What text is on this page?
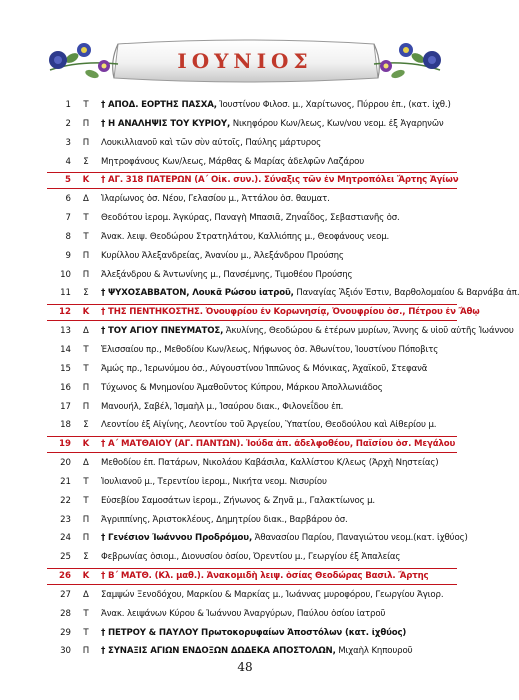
ΙΟΥΝΙΟΣ
1	Τ	† ΑΠΟΔ. ΕΟΡΤΗΣ ΠΑΣΧΑ, Ἰουστίνου Φιλοσ. μ., Χαρίτωνος, Πύρρου ἐπ., (κατ. ἰχθ.)
2	Π	† Η ΑΝΑΛΗΨΙΣ ΤΟΥ ΚΥΡΙΟΥ, Νικηφόρου Κων/λεως, Κων/νου νεομ. ἐξ Ἀγαρηνῶν
3	Π	Λουκιλλιανοῦ καὶ τῶν σὺν αὐτοῖς, Παύλης μάρτυρος
4	Σ	Μητροφάνους Κων/λεως, Μάρθας & Μαρίας ἀδελφῶν Λαζάρου
5	Κ	† ΑΓ. 318 ΠΑΤΕΡΩΝ (Α΄ Οἰκ. συν.). Σύναξις τῶν ἐν Μητροπόλει Ἄρτης Ἁγίων
6	Δ	Ἱλαρίωνος ὁσ. Νέου, Γελασίου μ., Ἀττάλου ὁσ. θαυματ.
7	Τ	Θεοδότου ἱερομ. Ἀγκύρας, Παναγὴ Μπασιᾶ, Ζηναΐδος, Σεβαστιανῆς ὁσ.
8	Τ	Ἀνακ. λειψ. Θεοδώρου Στρατηλάτου, Καλλιόπης μ., Θεοφάνους νεομ.
9	Π	Κυρίλλου Ἀλεξανδρείας, Ἀνανίου μ., Ἀλεξάνδρου Προύσης
10	Π	Ἀλεξάνδρου & Ἀντωνίνης μ., Πανσέμνης, Τιμοθέου Προύσης
11	Σ	† ΨΥΧΟΣΑΒΒΑΤΟΝ, Λουκᾶ Ρώσου ἰατροῦ, Παναγίας Ἄξιόν Ἐστιν, Βαρθολομαίου & Βαρνάβα ἀπ.
12	Κ	† ΤΗΣ ΠΕΝΤΗΚΟΣΤΗΣ. Ὀνουφρίου ἐν Κορωνησίᾳ, Ὀνουφρίου ὁσ., Πέτρου ἐν Ἄθῳ
13	Δ	† ΤΟΥ ΑΓΙΟΥ ΠΝΕΥΜΑΤΟΣ, Ἀκυλίνης, Θεοδώρου & ἑτέρων μυρίων, Ἄννης & υἱοῦ αὐτῆς Ἰωάννου
14	Τ	Ἐλισσαίου πρ., Μεθοδίου Κων/λεως, Νήφωνος ὁσ. Ἀθωνίτου, Ἰουστίνου Πόποβιτς
15	Τ	Ἀμώς πρ., Ἱερωνύμου ὁσ., Αὐγουστίνου Ἱππῶνος & Μόνικας, Ἀχαϊκοῦ, Στεφανᾶ
16	Π	Τύχωνος & Μνημονίου Ἀμαθοῦντος Κύπρου, Μάρκου Ἀπολλωνιάδος
17	Π	Μανουήλ, Σαβέλ, Ἰσμαὴλ μ., Ἰσαύρου διακ., Φιλονεΐδου ἐπ.
18	Σ	Λεοντίου ἐξ Αἰγίνης, Λεοντίου τοῦ Ἀργείου, Ὑπατίου, Θεοδούλου καὶ Αἰθερίου μ.
19	Κ	† Α΄ ΜΑΤΘΑΙΟΥ (ΑΓ. ΠΑΝΤΩΝ). Ἰούδα ἀπ. ἀδελφοθέου, Παϊσίου ὁσ. Μεγάλου
20	Δ	Μεθοδίου ἐπ. Πατάρων, Νικολάου Καβάσιλα, Καλλίστου Κ/λεως (Ἀρχὴ Νηστείας)
21	Τ	Ἰουλιανοῦ μ., Τερεντίου ἱερομ., Νικήτα νεομ. Νισυρίου
22	Τ	Εὐσεβίου Σαμοσάτων ἱερομ., Ζήνωνος & Ζηνᾶ μ., Γαλακτίωνος μ.
23	Π	Ἀγριππίνης, Ἀριστοκλέους, Δημητρίου διακ., Βαρβάρου ὁσ.
24	Π	† Γενέσιον Ἰωάννου Προδρόμου, Ἀθανασίου Παρίου, Παναγιώτου νεομ.(κατ. ἰχθύος)
25	Σ	Φεβρωνίας ὁσιομ., Διονυσίου ὁσίου, Ὀρεντίου μ., Γεωργίου ἐξ Ἀπαλείας
26	Κ	† Β΄ ΜΑΤΘ. (Κλ. μαθ.). Ἀνακομιδὴ λειψ. ὁσίας Θεοδώρας Βασιλ. Ἄρτης
27	Δ	Σαμψών Ξενοδόχου, Μαρκίου & Μαρκίας μ., Ἰωάννας μυροφόρου, Γεωργίου Ἀγιορ.
28	Τ	Ἀνακ. λειψάνων Κύρου & Ἰωάννου Ἀναργύρων, Παύλου ὁσίου ἰατροῦ
29	Τ	† ΠΕΤΡΟΥ & ΠΑΥΛΟΥ Πρωτοκορυφαίων Ἀποστόλων (κατ. ἰχθύος)
30	Π	† ΣΥΝΑΞΙΣ ΑΓΙΩΝ ΕΝΔΟΞΩΝ ΔΩΔΕΚΑ ΑΠΟΣΤΟΛΩΝ, Μιχαὴλ Κηπουροῦ
48
